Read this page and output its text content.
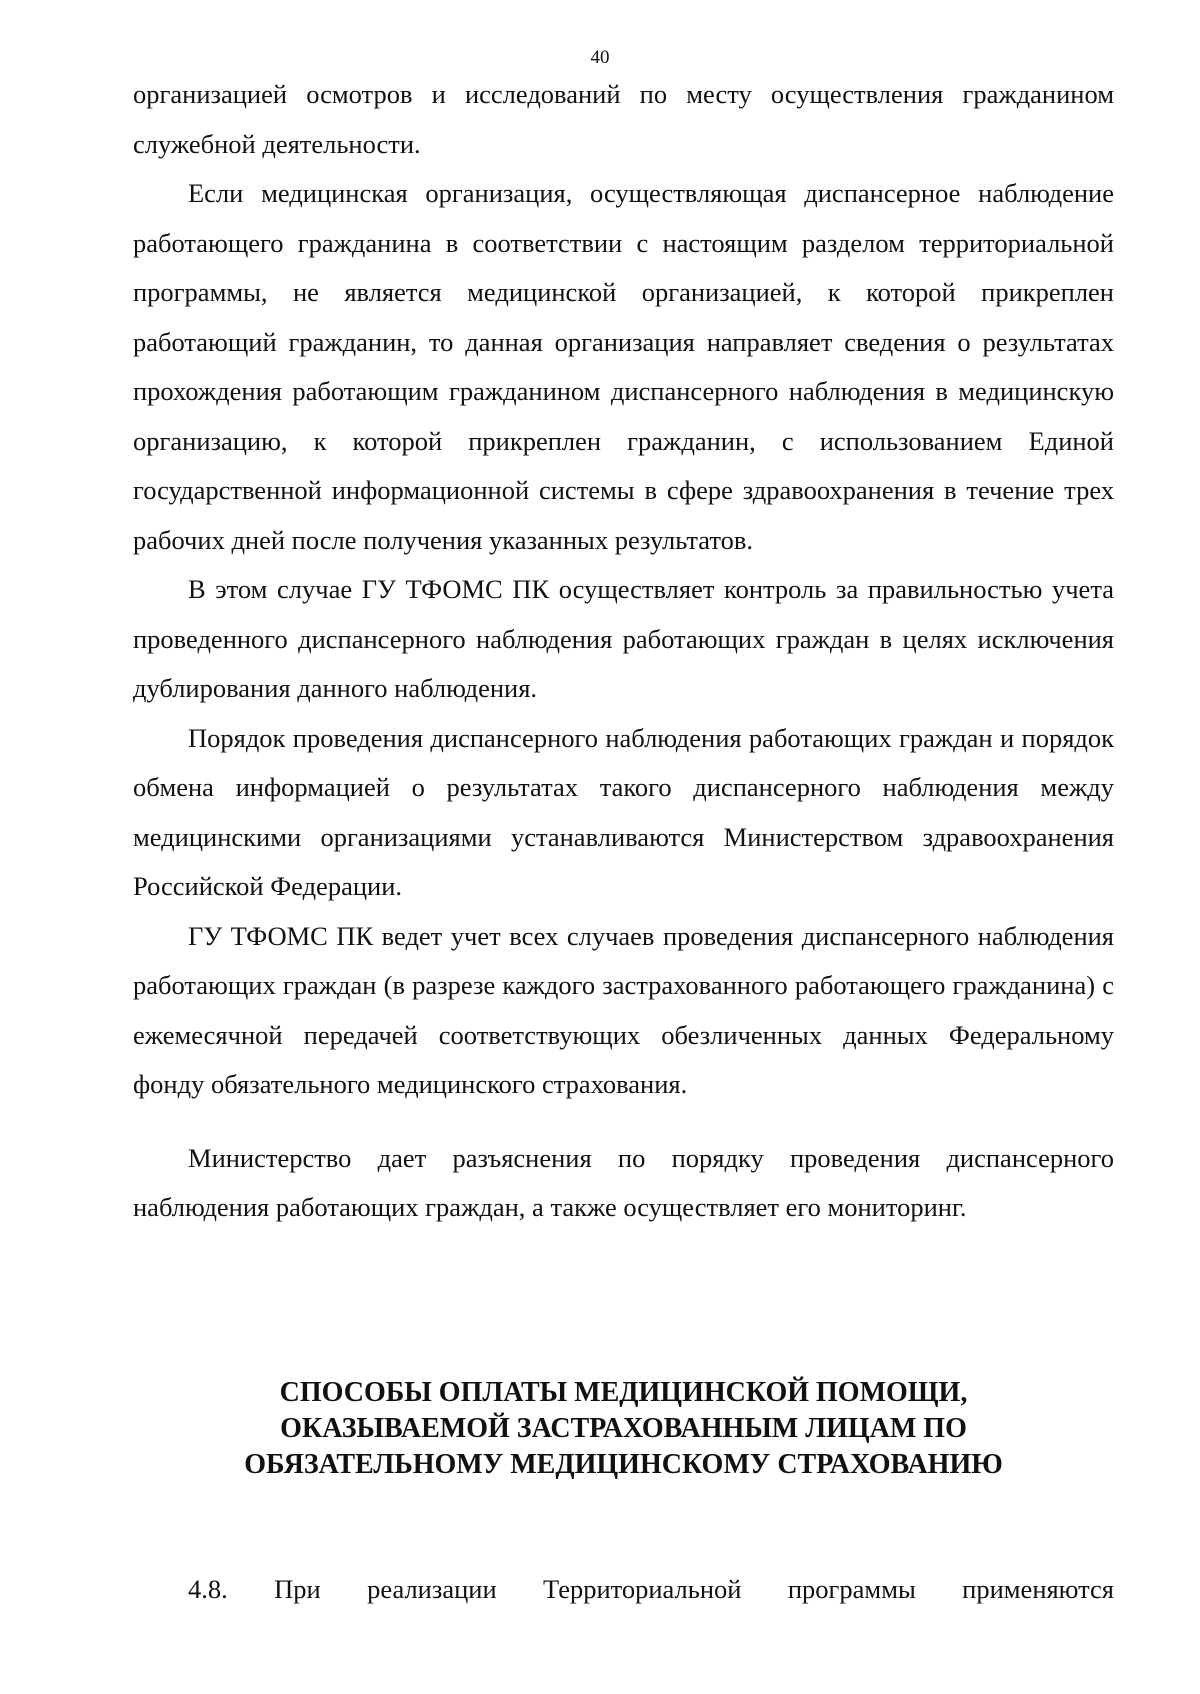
40

организацией осмотров и исследований по месту осуществления гражданином служебной деятельности.

Если медицинская организация, осуществляющая диспансерное наблюдение работающего гражданина в соответствии с настоящим разделом территориальной программы, не является медицинской организацией, к которой прикреплен работающий гражданин, то данная организация направляет сведения о результатах прохождения работающим гражданином диспансерного наблюдения в медицинскую организацию, к которой прикреплен гражданин, с использованием Единой государственной информационной системы в сфере здравоохранения в течение трех рабочих дней после получения указанных результатов.

В этом случае ГУ ТФОМС ПК осуществляет контроль за правильностью учета проведенного диспансерного наблюдения работающих граждан в целях исключения дублирования данного наблюдения.

Порядок проведения диспансерного наблюдения работающих граждан и порядок обмена информацией о результатах такого диспансерного наблюдения между медицинскими организациями устанавливаются Министерством здравоохранения Российской Федерации.

ГУ ТФОМС ПК ведет учет всех случаев проведения диспансерного наблюдения работающих граждан (в разрезе каждого застрахованного работающего гражданина) с ежемесячной передачей соответствующих обезличенных данных Федеральному фонду обязательного медицинского страхования.

Министерство дает разъяснения по порядку проведения диспансерного наблюдения работающих граждан, а также осуществляет его мониторинг.

СПОСОБЫ ОПЛАТЫ МЕДИЦИНСКОЙ ПОМОЩИ,
ОКАЗЫВАЕМОЙ ЗАСТРАХОВАННЫМ ЛИЦАМ ПО
ОБЯЗАТЕЛЬНОМУ МЕДИЦИНСКОМУ СТРАХОВАНИЮ
4.8. При реализации Территориальной программы применяются
